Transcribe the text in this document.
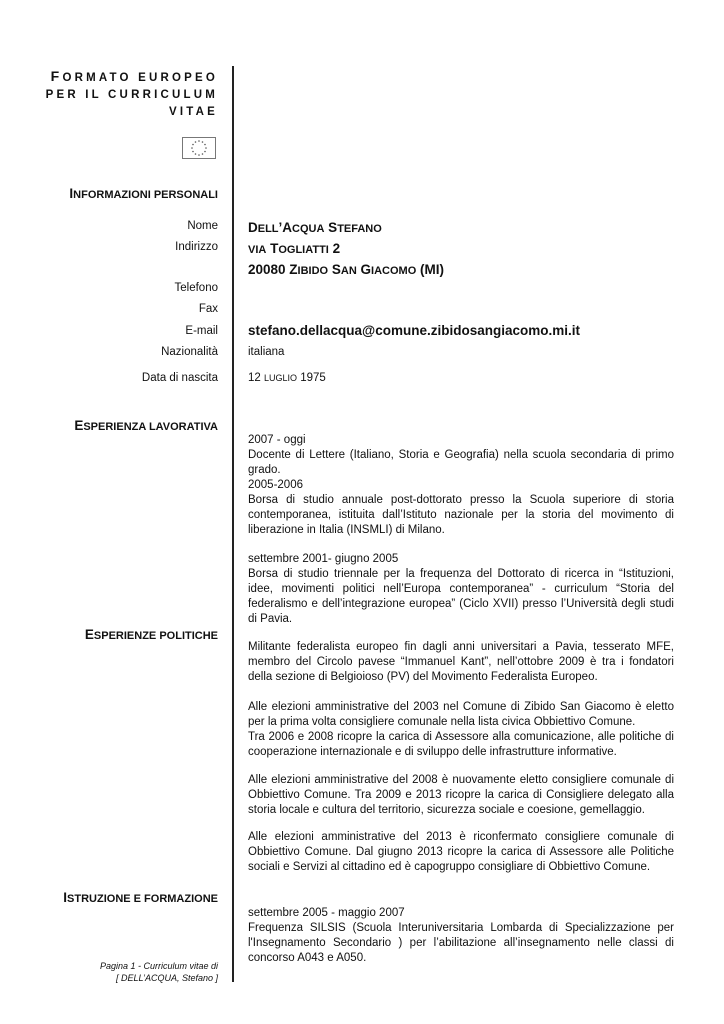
FORMATO EUROPEO
PER IL CURRICULUM
VITAE
INFORMAZIONI PERSONALI
Nome DELL’ACQUA STEFANO
Indirizzo	VIA TOGLIATTI 2
20080 ZIBIDO SAN GIACOMO (MI)
Telefono
Fax
E-mail stefano.dellacqua@comune.zibidosangiacomo.mi.it
Nazionalità	italiana
Data di nascita	12 LUGLIO 1975
ESPERIENZA LAVORATIVA

2007 - oggi

Docente di Lettere (Italiano, Storia e Geografia) nella scuola secondaria di primo grado.

2005-2006

Borsa di studio annuale post-dottorato presso la Scuola superiore di storia contemporanea, istituita dall’Istituto nazionale per la storia del movimento di liberazione in Italia (INSMLI) di Milano.

settembre 2001- giugno 2005

Borsa di studio triennale per la frequenza del Dottorato di ricerca in “Istituzioni, idee, movimenti politici nell’Europa contemporanea” - curriculum “Storia del federalismo e dell’integrazione europea” (Ciclo XVII) presso l’Università degli studi di Pavia.

ESPERIENZE POLITICHE

Militante federalista europeo fin dagli anni universitari a Pavia, tesserato MFE, membro del Circolo pavese “Immanuel Kant”, nell’ottobre 2009 è tra i fondatori della sezione di Belgioioso (PV) del Movimento Federalista Europeo.

Alle elezioni amministrative del 2003 nel Comune di Zibido San Giacomo è eletto per la prima volta consigliere comunale nella lista civica Obbiettivo Comune.

Tra 2006 e 2008 ricopre la carica di Assessore alla comunicazione, alle politiche di cooperazione internazionale e di sviluppo delle infrastrutture informative.

Alle elezioni amministrative del 2008 è nuovamente eletto consigliere comunale di Obbiettivo Comune. Tra 2009 e 2013 ricopre la carica di Consigliere delegato alla storia locale e cultura del territorio, sicurezza sociale e coesione, gemellaggio.

Alle elezioni amministrative del 2013 è riconfermato consigliere comunale di Obbiettivo Comune. Dal giugno 2013 ricopre la carica di Assessore alle Politiche sociali e Servizi al cittadino ed è capogruppo consigliare di Obbiettivo Comune.

ISTRUZIONE E FORMAZIONE

settembre 2005 - maggio 2007

Frequenza SILSIS (Scuola Interuniversitaria Lombarda di Specializzazione per l'Insegnamento Secondario ) per l’abilitazione all’insegnamento nelle classi di concorso A043 e A050.

Pagina 1 - Curriculum vitae di
[ DELL’ACQUA, Stefano ]
